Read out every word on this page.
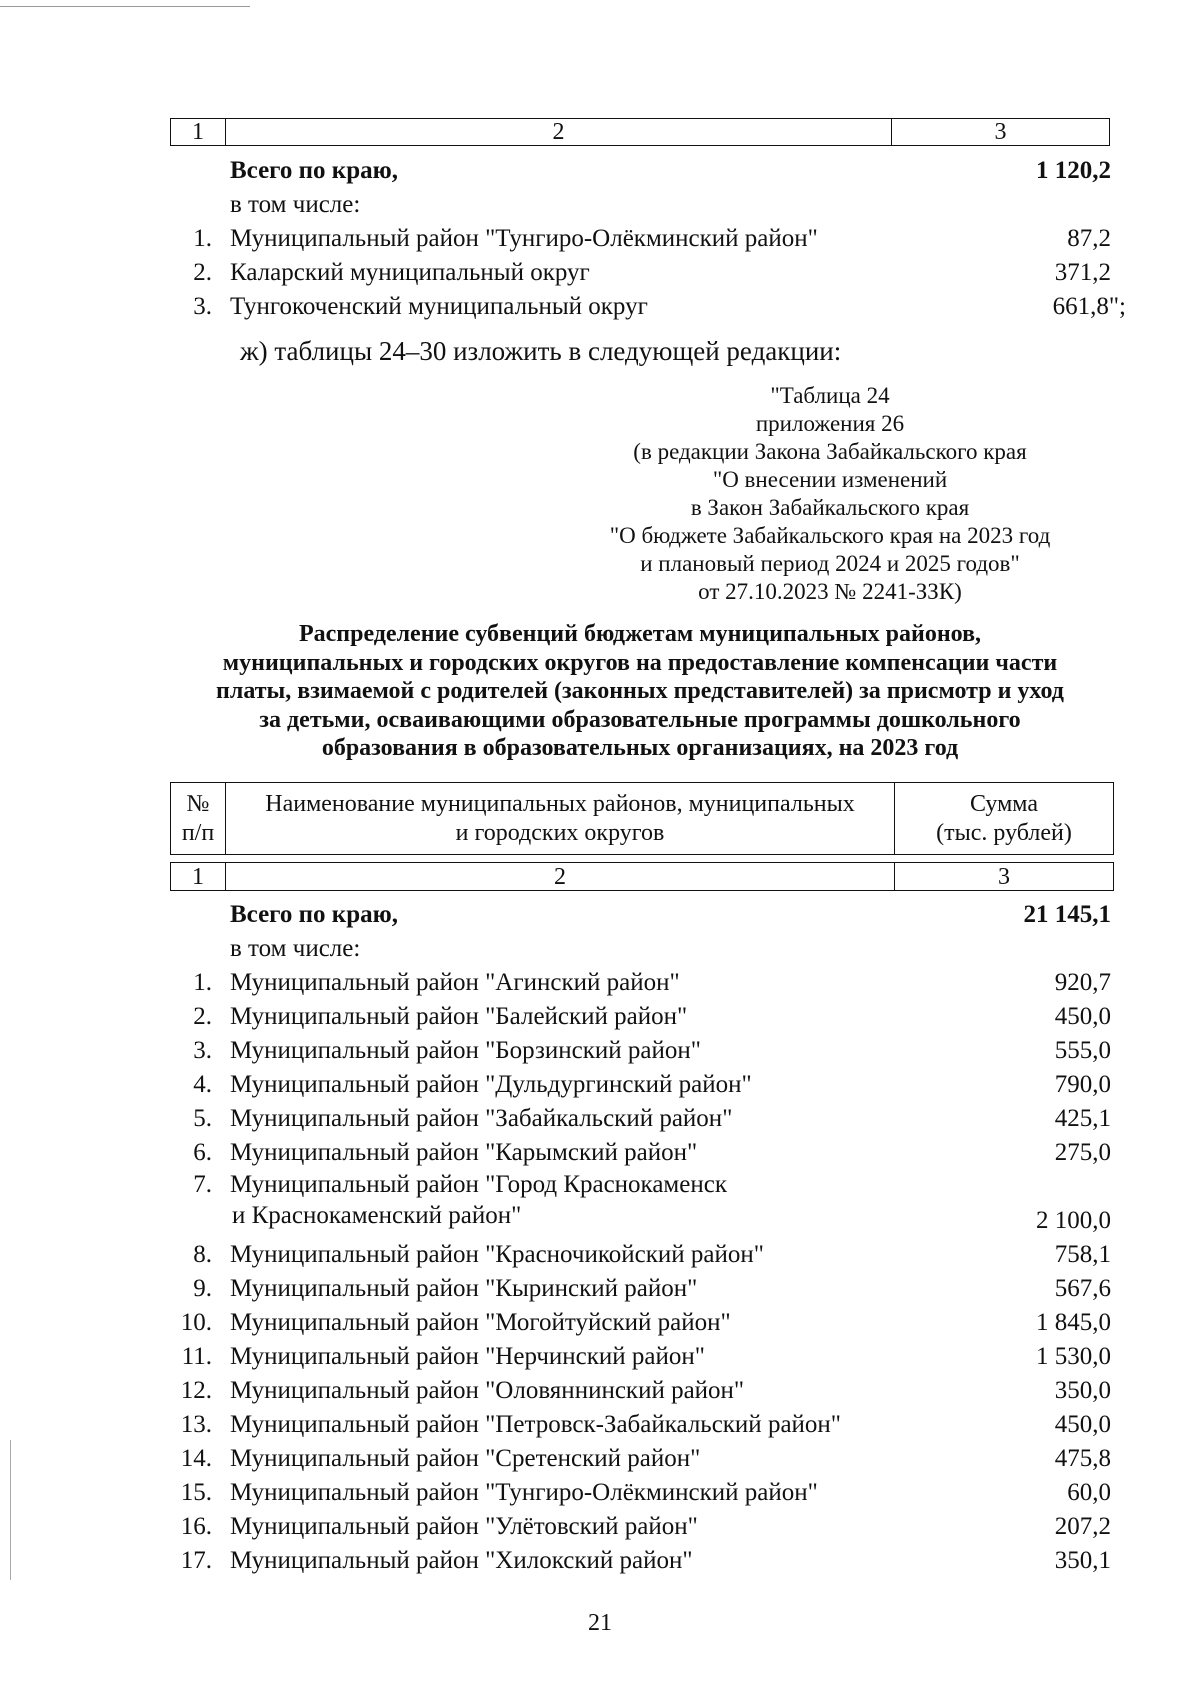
1	2	3
Всего по краю,	1 120,2
в том числе:
1. Муниципальный район "Тунгиро-Олёкминский район"	87,2
2. Каларский муниципальный округ	371,2
3. Тунгокоченский муниципальный округ	661,8";
ж) таблицы 24–30 изложить в следующей редакции:
"Таблица 24
приложения 26
(в редакции Закона Забайкальского края
"О внесении изменений
в Закон Забайкальского края
"О бюджете Забайкальского края на 2023 год
и плановый период 2024 и 2025 годов"
от 27.10.2023 № 2241-ЗЗК)
Распределение субвенций бюджетам муниципальных районов,
муниципальных и городских округов на предоставление компенсации части
платы, взимаемой с родителей (законных представителей) за присмотр и уход
за детьми, осваивающими образовательные программы дошкольного
образования в образовательных организациях, на 2023 год
№
п/п

Наименование муниципальных районов, муниципальных
и городских округов

Сумма
(тыс. рублей)
1	2	3
Всего по краю,	21 145,1
в том числе:
1. Муниципальный район "Агинский район"	920,7
2. Муниципальный район "Балейский район"	450,0
3. Муниципальный район "Борзинский район"	555,0
4. Муниципальный район "Дульдургинский район"	790,0
5. Муниципальный район "Забайкальский район"	425,1
6. Муниципальный район "Карымский район"	275,0
7. Муниципальный район "Город Краснокаменск
и Краснокаменский район"	2 100,0
8. Муниципальный район "Красночикойский район"	758,1
9. Муниципальный район "Кыринский район"	567,6
10. Муниципальный район "Могойтуйский район"	1 845,0
11. Муниципальный район "Нерчинский район"	1 530,0
12. Муниципальный район "Оловяннинский район"	350,0
13. Муниципальный район "Петровск-Забайкальский район"	450,0
14. Муниципальный район "Сретенский район"	475,8
15. Муниципальный район "Тунгиро-Олёкминский район"	60,0
16. Муниципальный район "Улётовский район"	207,2
17. Муниципальный район "Хилокский район"	350,1
21
